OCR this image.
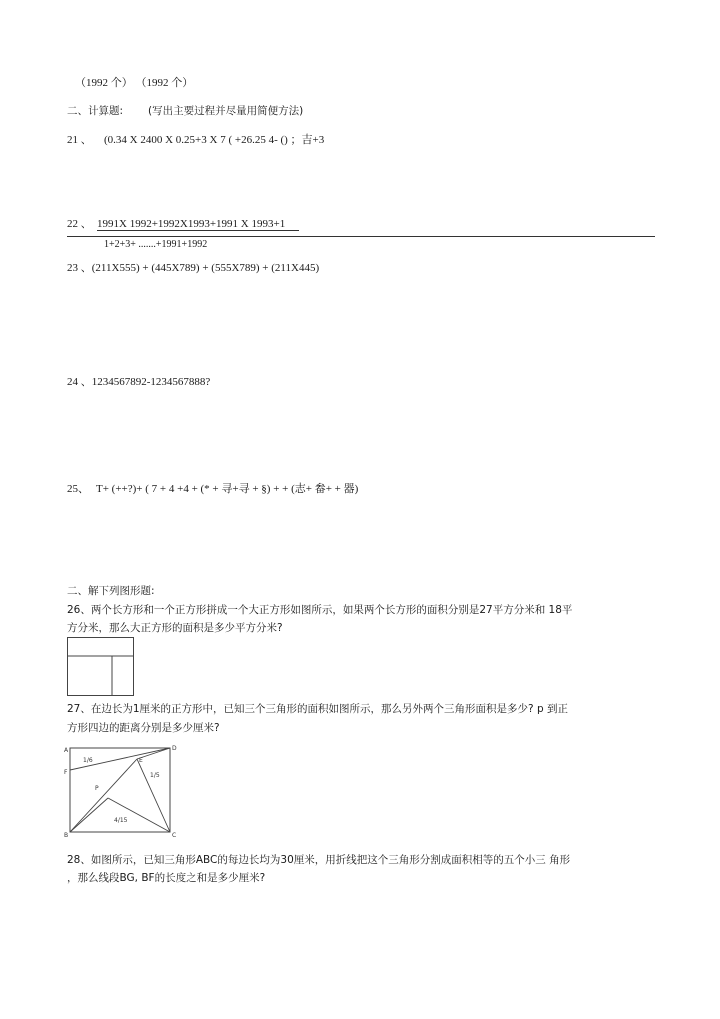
（1992 个） （1992 个）
二、计算题: (写出主要过程并尽量用简便方法)
21 、 (0.34 X 2400 X 0.25+3 X 7 ( +26.25 4- () ；吉+3
22 、 1991X 1992+1992X1993+1991 X 1993+1
1+2+3+ .......+1991+1992
23 、(211X555) + (445X789) + (555X789) + (211X445)
24 、1234567892-1234567888?
25、 T+ (++?)+ ( 7 + 4 +4 + (* + 寻+寻 + §) + + (志+ 畚+ + 器)
二、解下列图形题:
26、两个长方形和一个正方形拼成一个大正方形如图所示，如果两个长方形的面积分别是27平方分米和 18平
方分米，那么大正方形的面积是多少平方分米?
27、在边长为1厘米的正方形中，已知三个三角形的面积如图所示，那么另外两个三角形面积是多少? p 到正
方形四边的距离分别是多少厘米?
A	D
F
B	C
E
P
1/6
1/5
4/15
28、如图所示，已知三角形ABC的每边长均为30厘米，用折线把这个三角形分割成面积相等的五个小三 角形
，那么线段BG, BF的长度之和是多少厘米?
